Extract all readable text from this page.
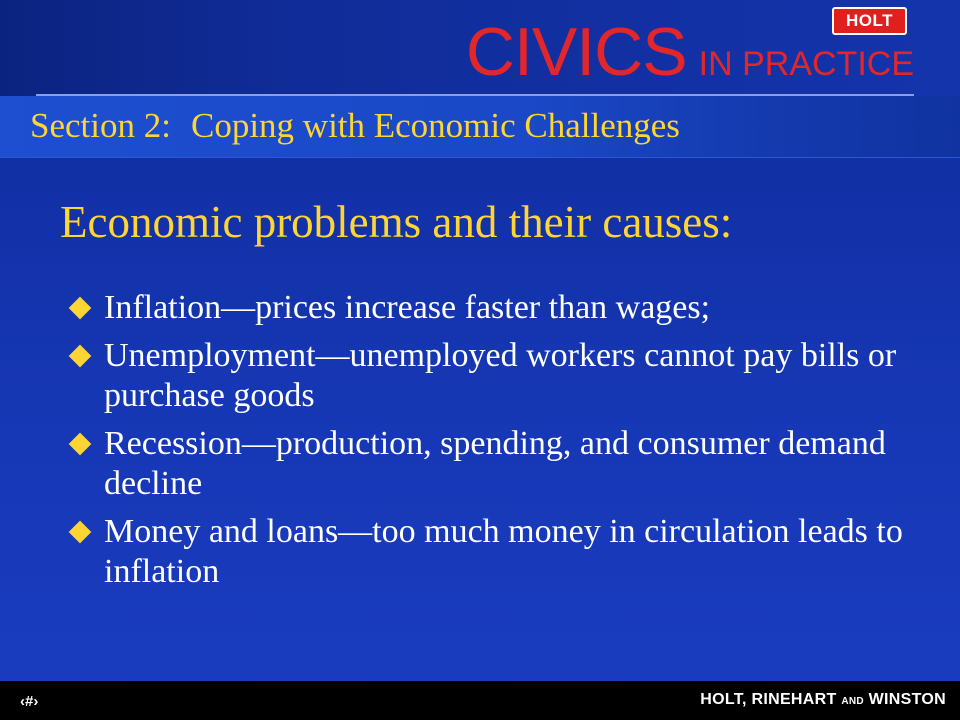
HOLT
CIVICS IN PRACTICE
Section 2: Coping with Economic Challenges
Economic problems and their causes:
Inflation—prices increase faster than wages;
Unemployment—unemployed workers cannot pay bills or purchase goods
Recession—production, spending, and consumer demand decline
Money and loans—too much money in circulation leads to inflation
‹#›	HOLT, RINEHART AND WINSTON
